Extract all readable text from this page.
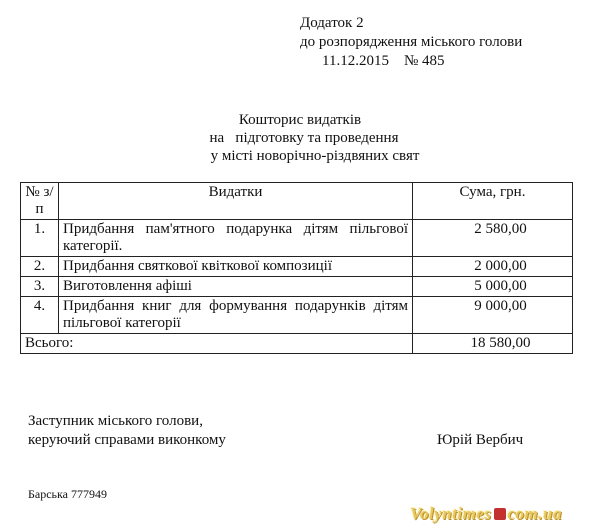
Додаток 2
до розпорядження міського голови
11.12.2015    № 485
Кошторис видатків
на   підготовку та проведення
у місті новорічно-різдвяних свят
№ з/п	Видатки	Сума, грн.
1.	Придбання пам'ятного подарунка дітям пільгової категорії.	2 580,00
2.	Придбання святкової квіткової композиції	2 000,00
3.	Виготовлення афіші	5 000,00
4.	Придбання книг для формування подарунків дітям пільгової категорії	9 000,00
Всього:		18 580,00
Заступник міського голови,
керуючий справами виконкому	Юрій Вербич
Барська 777949
Volyntimes com.ua
